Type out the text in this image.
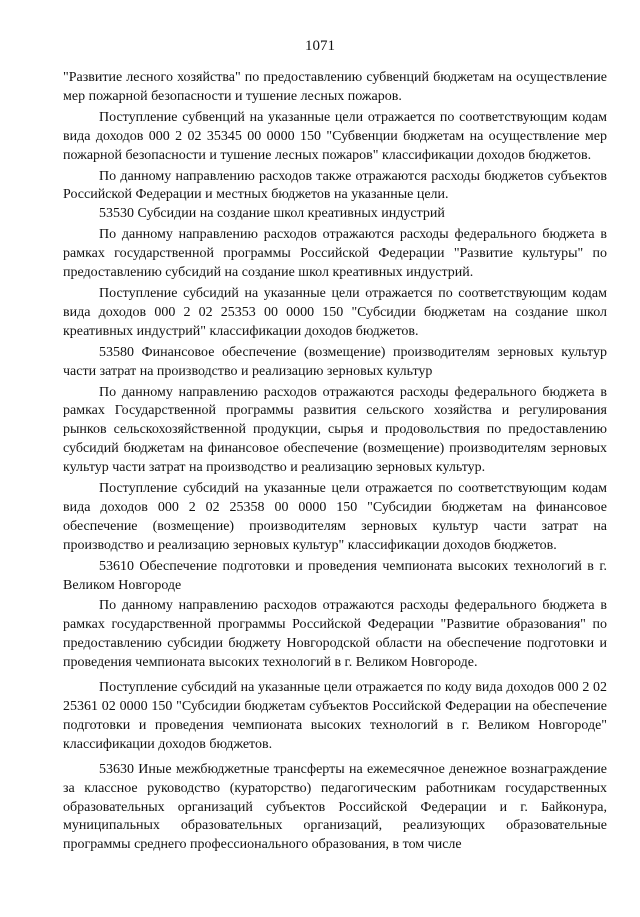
1071

"Развитие лесного хозяйства" по предоставлению субвенций бюджетам на осуществление мер пожарной безопасности и тушение лесных пожаров.

Поступление субвенций на указанные цели отражается по соответствующим кодам вида доходов 000 2 02 35345 00 0000 150 "Субвенции бюджетам на осуществление мер пожарной безопасности и тушение лесных пожаров" классификации доходов бюджетов.

По данному направлению расходов также отражаются расходы бюджетов субъектов Российской Федерации и местных бюджетов на указанные цели.

53530 Субсидии на создание школ креативных индустрий

По данному направлению расходов отражаются расходы федерального бюджета в рамках государственной программы Российской Федерации "Развитие культуры" по предоставлению субсидий на создание школ креативных индустрий.

Поступление субсидий на указанные цели отражается по соответствующим кодам вида доходов 000 2 02 25353 00 0000 150 "Субсидии бюджетам на создание школ креативных индустрий" классификации доходов бюджетов.

53580 Финансовое обеспечение (возмещение) производителям зерновых культур части затрат на производство и реализацию зерновых культур

По данному направлению расходов отражаются расходы федерального бюджета в рамках Государственной программы развития сельского хозяйства и регулирования рынков сельскохозяйственной продукции, сырья и продовольствия по предоставлению субсидий бюджетам на финансовое обеспечение (возмещение) производителям зерновых культур части затрат на производство и реализацию зерновых культур.

Поступление субсидий на указанные цели отражается по соответствующим кодам вида доходов 000 2 02 25358 00 0000 150 "Субсидии бюджетам на финансовое обеспечение (возмещение) производителям зерновых культур части затрат на производство и реализацию зерновых культур" классификации доходов бюджетов.

53610 Обеспечение подготовки и проведения чемпионата высоких технологий в г. Великом Новгороде

По данному направлению расходов отражаются расходы федерального бюджета в рамках государственной программы Российской Федерации "Развитие образования" по предоставлению субсидии бюджету Новгородской области на обеспечение подготовки и проведения чемпионата высоких технологий в г. Великом Новгороде.

Поступление субсидий на указанные цели отражается по коду вида доходов 000 2 02 25361 02 0000 150 "Субсидии бюджетам субъектов Российской Федерации на обеспечение подготовки и проведения чемпионата высоких технологий в г. Великом Новгороде" классификации доходов бюджетов.

53630 Иные межбюджетные трансферты на ежемесячное денежное вознаграждение за классное руководство (кураторство) педагогическим работникам государственных образовательных организаций субъектов Российской Федерации и г. Байконура, муниципальных образовательных организаций, реализующих образовательные программы среднего профессионального образования, в том числе
